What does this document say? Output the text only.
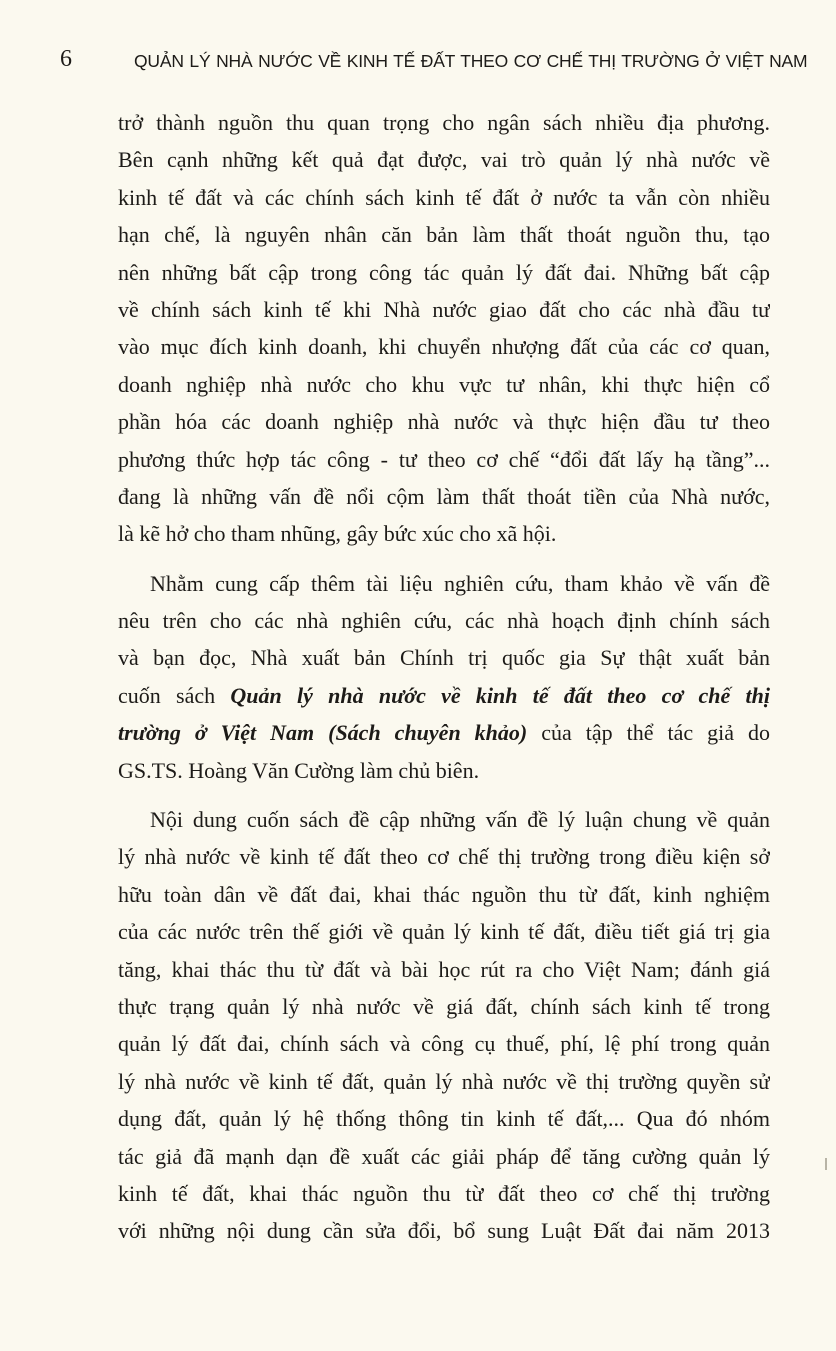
6	QUẢN LÝ NHÀ NƯỚC VỀ KINH TẾ ĐẤT THEO CƠ CHẾ THỊ TRƯỜNG Ở VIỆT NAM
trở thành nguồn thu quan trọng cho ngân sách nhiều địa phương.
Bên cạnh những kết quả đạt được, vai trò quản lý nhà nước về
kinh tế đất và các chính sách kinh tế đất ở nước ta vẫn còn nhiều
hạn chế, là nguyên nhân căn bản làm thất thoát nguồn thu, tạo
nên những bất cập trong công tác quản lý đất đai. Những bất cập
về chính sách kinh tế khi Nhà nước giao đất cho các nhà đầu tư
vào mục đích kinh doanh, khi chuyển nhượng đất của các cơ quan,
doanh nghiệp nhà nước cho khu vực tư nhân, khi thực hiện cổ
phần hóa các doanh nghiệp nhà nước và thực hiện đầu tư theo
phương thức hợp tác công - tư theo cơ chế “đổi đất lấy hạ tầng”...
đang là những vấn đề nổi cộm làm thất thoát tiền của Nhà nước,
là kẽ hở cho tham nhũng, gây bức xúc cho xã hội.
Nhằm cung cấp thêm tài liệu nghiên cứu, tham khảo về vấn đề
nêu trên cho các nhà nghiên cứu, các nhà hoạch định chính sách
và bạn đọc, Nhà xuất bản Chính trị quốc gia Sự thật xuất bản
cuốn sách Quản lý nhà nước về kinh tế đất theo cơ chế thị
trường ở Việt Nam (Sách chuyên khảo) của tập thể tác giả do
GS.TS. Hoàng Văn Cường làm chủ biên.
Nội dung cuốn sách đề cập những vấn đề lý luận chung về quản
lý nhà nước về kinh tế đất theo cơ chế thị trường trong điều kiện sở
hữu toàn dân về đất đai, khai thác nguồn thu từ đất, kinh nghiệm
của các nước trên thế giới về quản lý kinh tế đất, điều tiết giá trị gia
tăng, khai thác thu từ đất và bài học rút ra cho Việt Nam; đánh giá
thực trạng quản lý nhà nước về giá đất, chính sách kinh tế trong
quản lý đất đai, chính sách và công cụ thuế, phí, lệ phí trong quản
lý nhà nước về kinh tế đất, quản lý nhà nước về thị trường quyền sử
dụng đất, quản lý hệ thống thông tin kinh tế đất,... Qua đó nhóm
tác giả đã mạnh dạn đề xuất các giải pháp để tăng cường quản lý
kinh tế đất, khai thác nguồn thu từ đất theo cơ chế thị trường
với những nội dung cần sửa đổi, bổ sung Luật Đất đai năm 2013
